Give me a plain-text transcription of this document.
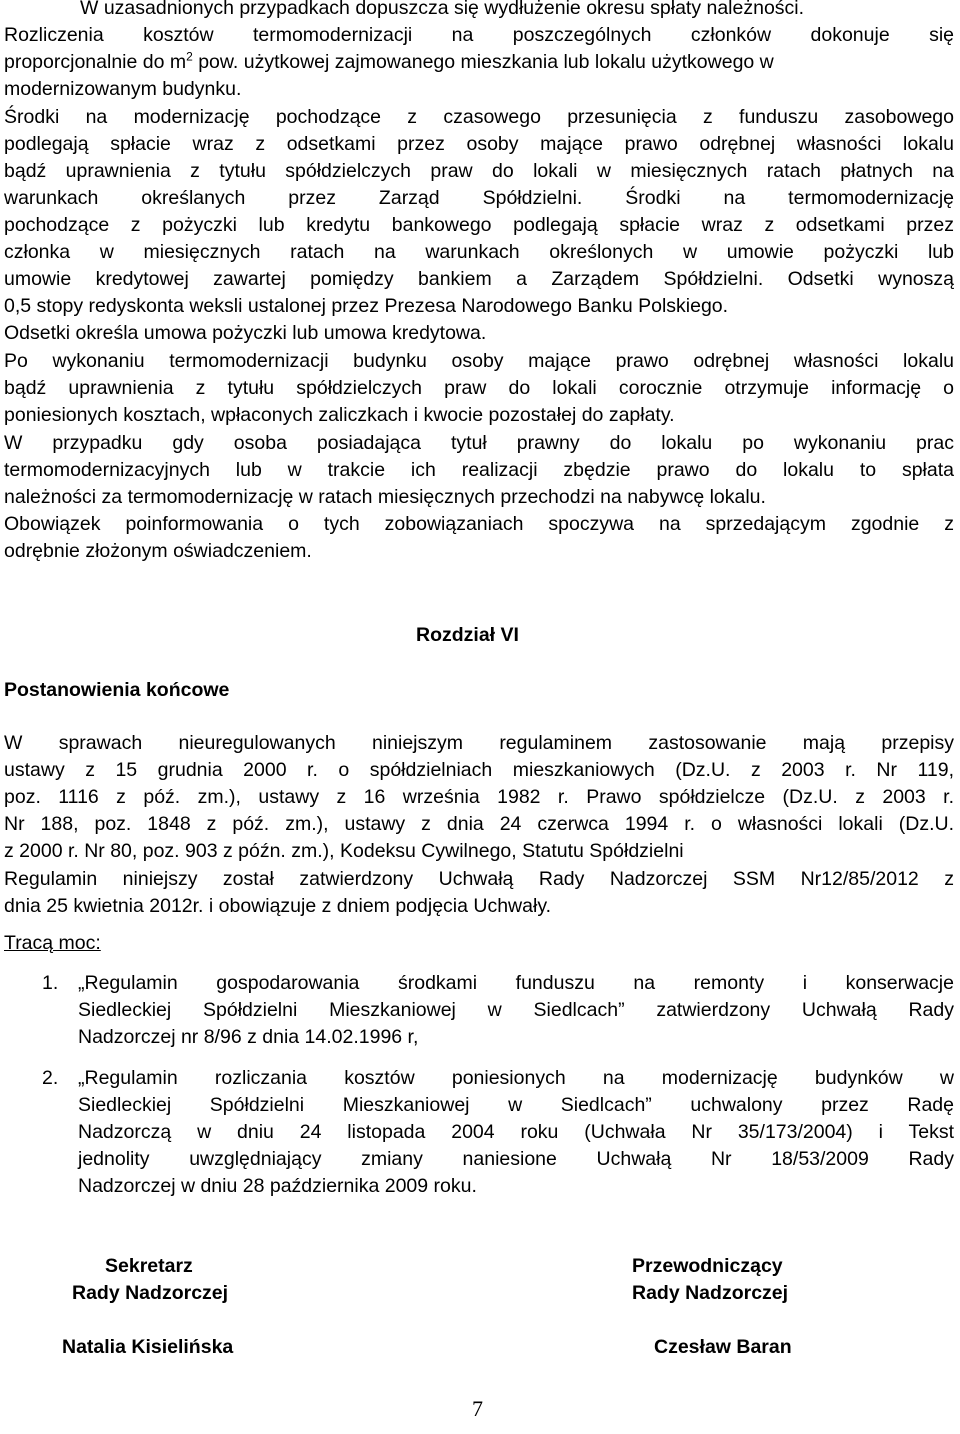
W uzasadnionych przypadkach dopuszcza się wydłużenie okresu spłaty należności.
Rozliczenia kosztów termomodernizacji na poszczególnych członków dokonuje się
proporcjonalnie do $m^2$ pow. użytkowej zajmowanego mieszkania lub lokalu użytkowego w
modernizowanym budynku.
Środki na modernizację pochodzące z czasowego przesunięcia z funduszu zasobowego
podlegają spłacie wraz z odsetkami przez osoby mające prawo odrębnej własności lokalu
bądź uprawnienia z tytułu spółdzielczych praw do lokali w miesięcznych ratach płatnych na
warunkach określanych przez Zarząd Spółdzielni. Środki na termomodernizację
pochodzące z pożyczki lub kredytu bankowego podlegają spłacie wraz z odsetkami przez
członka w miesięcznych ratach na warunkach określonych w umowie pożyczki lub
umowie kredytowej zawartej pomiędzy bankiem a Zarządem Spółdzielni. Odsetki wynoszą
0,5 stopy redyskonta weksli ustalonej przez Prezesa Narodowego Banku Polskiego.
Odsetki określa umowa pożyczki lub umowa kredytowa.
Po wykonaniu termomodernizacji budynku osoby mające prawo odrębnej własności lokalu
bądź uprawnienia z tytułu spółdzielczych praw do lokali corocznie otrzymuje informację o
poniesionych kosztach, wpłaconych zaliczkach i kwocie pozostałej do zapłaty.
W przypadku gdy osoba posiadająca tytuł prawny do lokalu po wykonaniu prac
termomodernizacyjnych lub w trakcie ich realizacji zbędzie prawo do lokalu to spłata
należności za termomodernizację w ratach miesięcznych przechodzi na nabywcę lokalu.
Obowiązek poinformowania o tych zobowiązaniach spoczywa na sprzedającym zgodnie z
odrębnie złożonym oświadczeniem.
Rozdział VI
Postanowienia końcowe
W sprawach nieuregulowanych niniejszym regulaminem zastosowanie mają przepisy
ustawy z 15 grudnia 2000 r. o spółdzielniach mieszkaniowych (Dz.U. z 2003 r. Nr 119,
poz. 1116 z póź. zm.), ustawy z 16 września 1982 r. Prawo spółdzielcze (Dz.U. z 2003 r.
Nr 188, poz. 1848 z póź. zm.), ustawy z dnia 24 czerwca 1994 r. o własności lokali (Dz.U.
z 2000 r. Nr 80, poz. 903 z późn. zm.), Kodeksu Cywilnego, Statutu Spółdzielni
Regulamin niniejszy został zatwierdzony Uchwałą Rady Nadzorczej SSM Nr12/85/2012 z
dnia 25 kwietnia 2012r. i obowiązuje z dniem podjęcia Uchwały.
Tracą moc:
1. „Regulamin gospodarowania środkami funduszu na remonty i konserwacje
Siedleckiej Spółdzielni Mieszkaniowej w Siedlcach” zatwierdzony Uchwałą Rady
Nadzorczej nr 8/96 z dnia 14.02.1996 r,
2. „Regulamin rozliczania kosztów poniesionych na modernizację budynków w
Siedleckiej Spółdzielni Mieszkaniowej w Siedlcach” uchwalony przez Radę
Nadzorczą w dniu 24 listopada 2004 roku (Uchwała Nr 35/173/2004) i Tekst
jednolity uwzględniający zmiany naniesione Uchwałą Nr 18/53/2009 Rady
Nadzorczej w dniu 28 października 2009 roku.
Sekretarz
Rady Nadzorczej
Natalia Kisielińska
Przewodniczący
Rady Nadzorczej
Czesław Baran
7
